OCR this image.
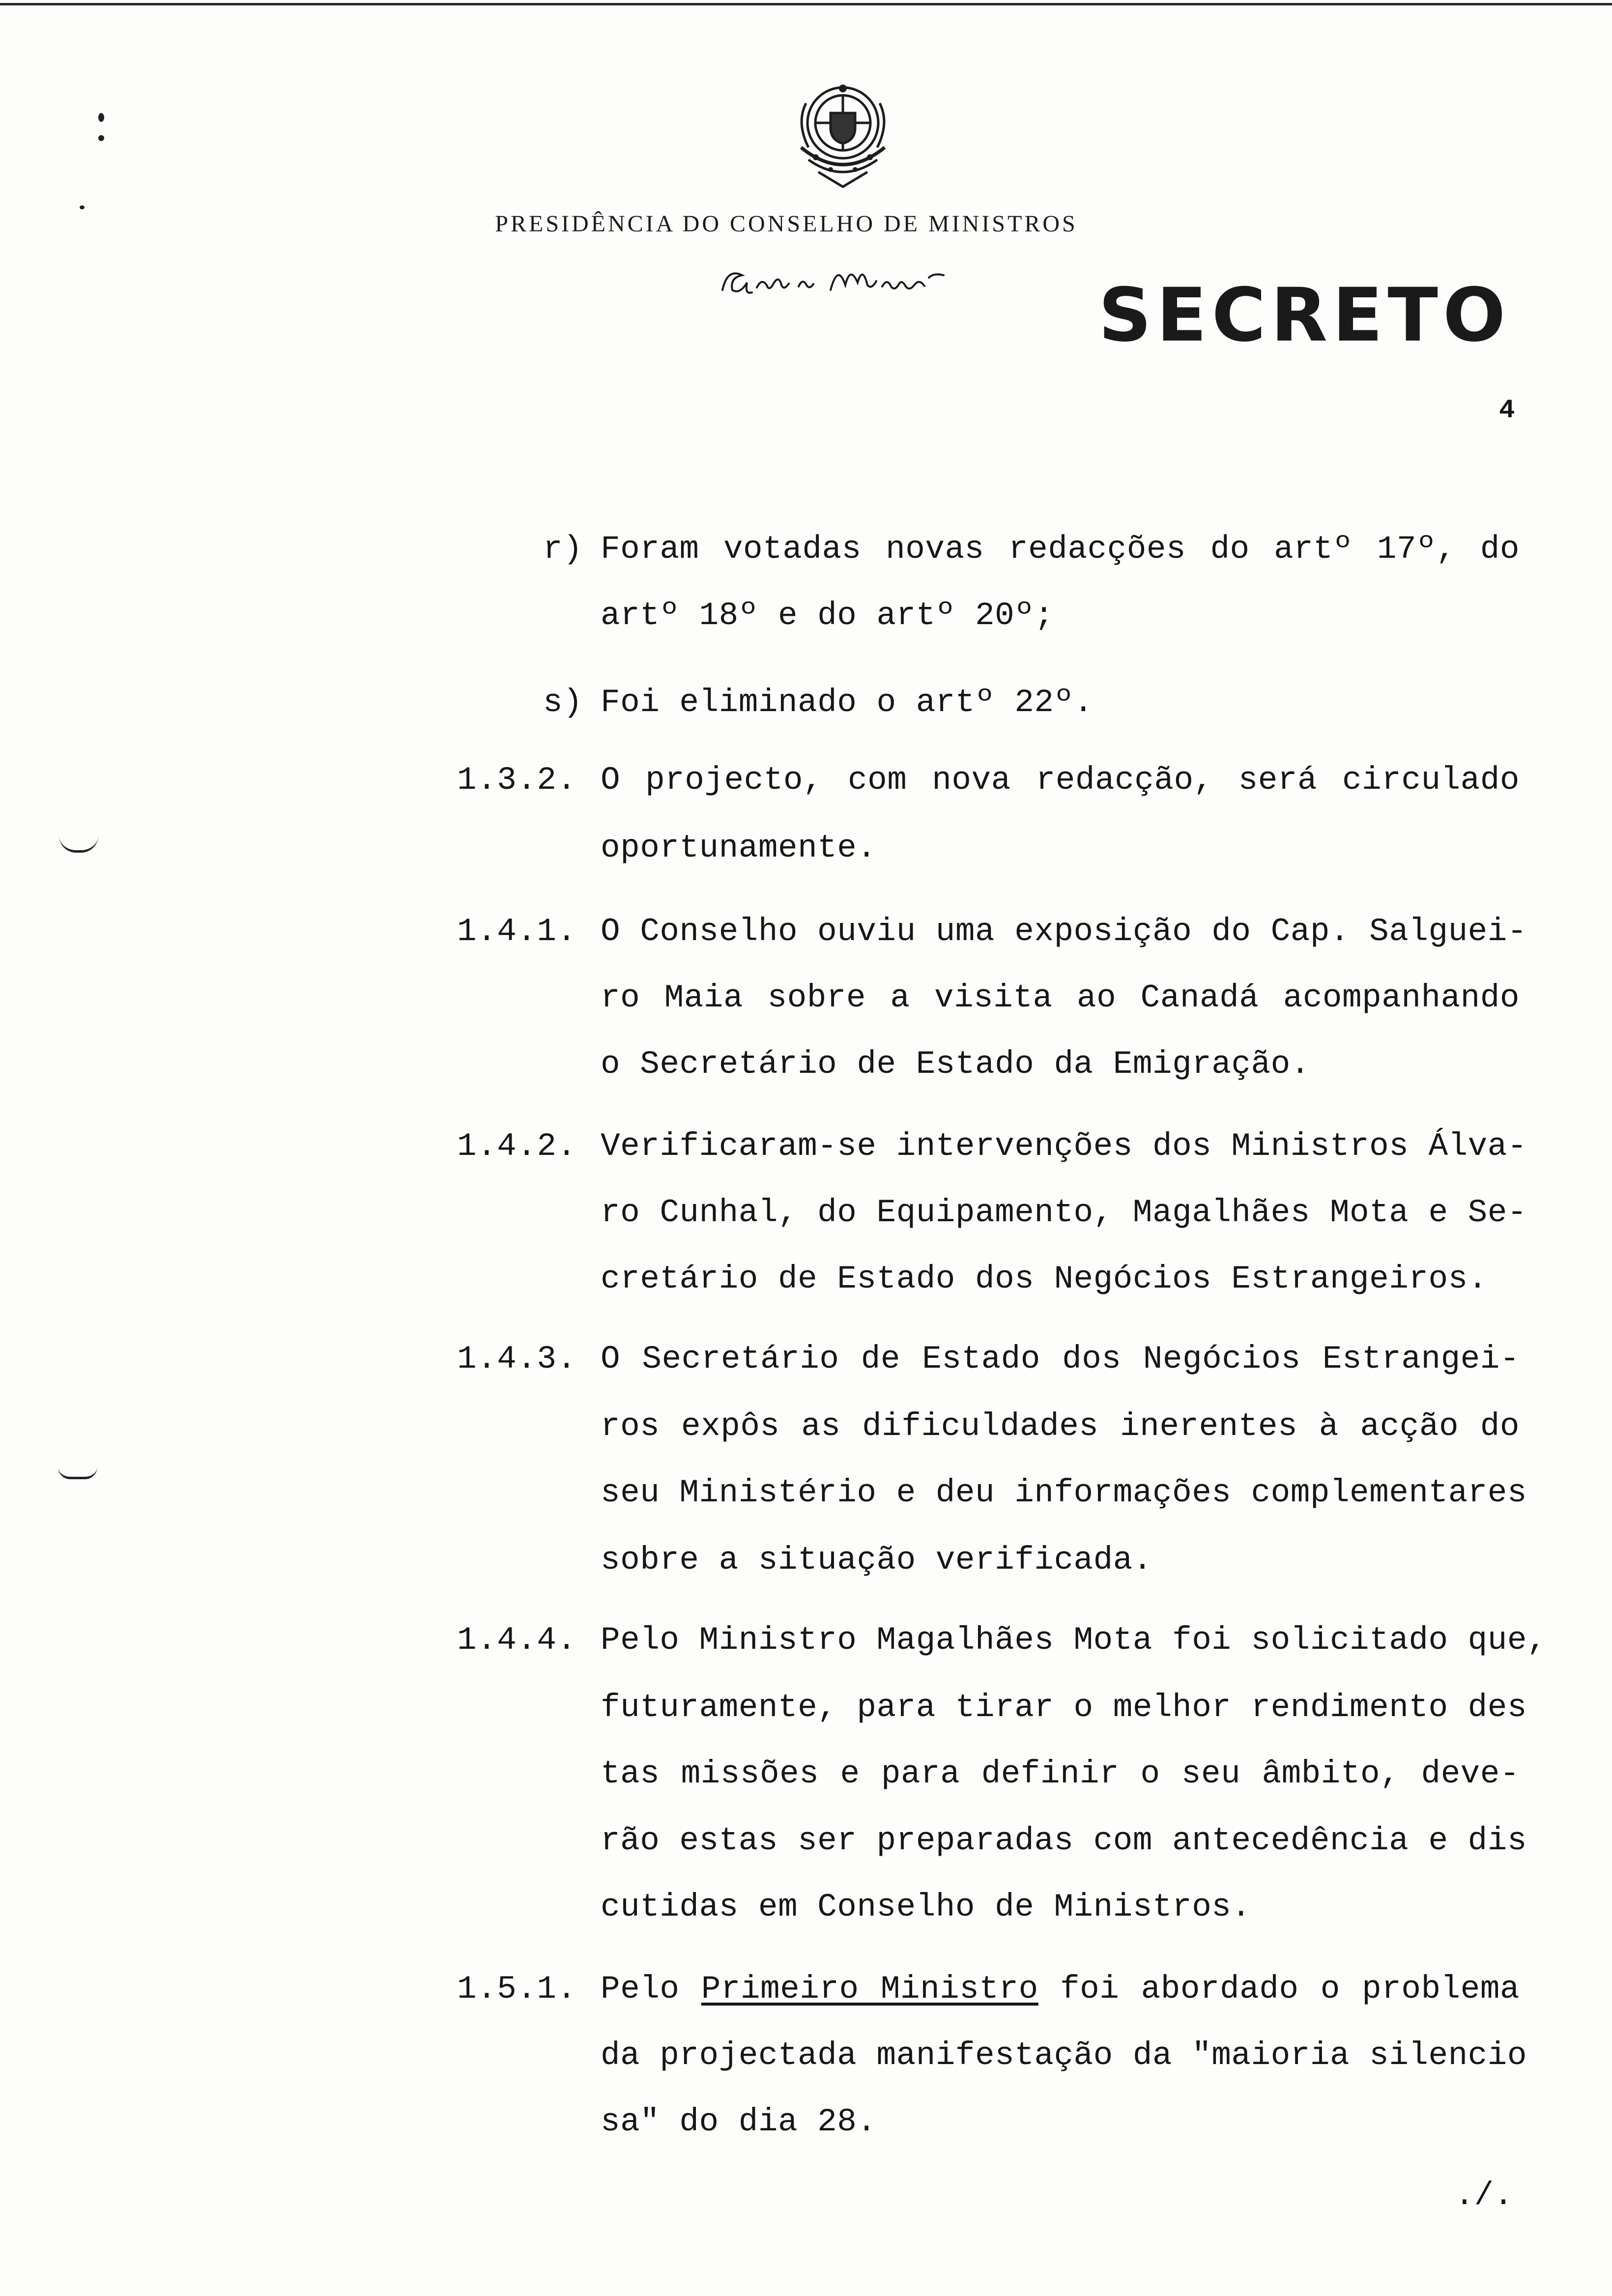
PRESIDÊNCIA DO CONSELHO DE MINISTROS
SECRETO
4
r) Foram votadas novas redacções do artº 17º, do
artº 18º e do artº 20º;
s) Foi eliminado o artº 22º.
1.3.2. O projecto, com nova redacção, será circulado
oportunamente.
1.4.1. O Conselho ouviu uma exposição do Cap. Salguei-
ro Maia sobre a visita ao Canadá acompanhando
o Secretário de Estado da Emigração.
1.4.2. Verificaram-se intervenções dos Ministros Álva-
ro Cunhal, do Equipamento, Magalhães Mota e Se-
cretário de Estado dos Negócios Estrangeiros.
1.4.3. O Secretário de Estado dos Negócios Estrangei-
ros expôs as dificuldades inerentes à acção do
seu Ministério e deu informações complementares
sobre a situação verificada.
1.4.4. Pelo Ministro Magalhães Mota foi solicitado que,
futuramente, para tirar o melhor rendimento des
tas missões e para definir o seu âmbito, deve-
rão estas ser preparadas com antecedência e dis
cutidas em Conselho de Ministros.
1.5.1. Pelo Primeiro Ministro foi abordado o problema
da projectada manifestação da "maioria silencio
sa" do dia 28.
./.
